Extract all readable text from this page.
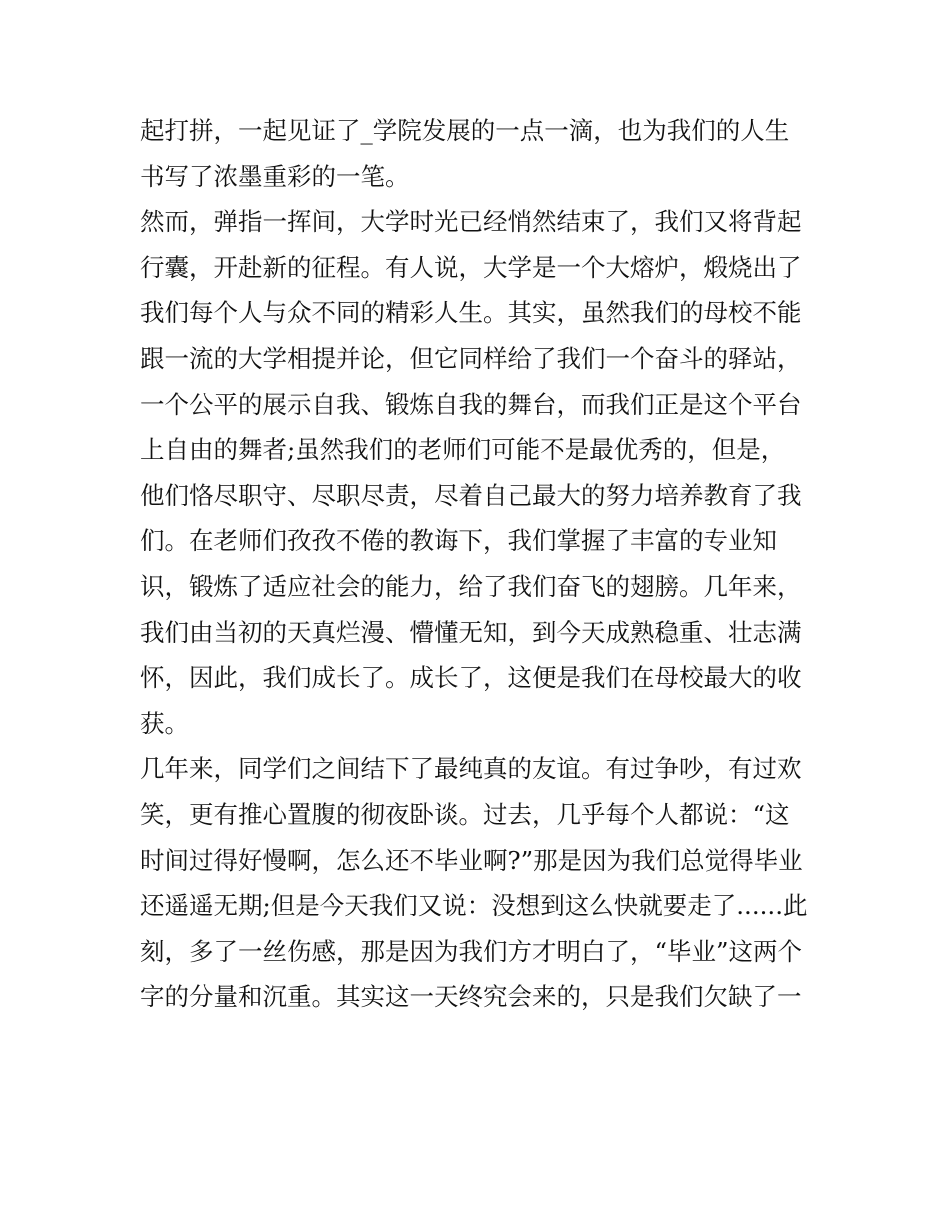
起打拼，一起见证了_学院发展的一点一滴，也为我们的人生
书写了浓墨重彩的一笔。
然而，弹指一挥间，大学时光已经悄然结束了，我们又将背起
行囊，开赴新的征程。有人说，大学是一个大熔炉，煅烧出了
我们每个人与众不同的精彩人生。其实，虽然我们的母校不能
跟一流的大学相提并论，但它同样给了我们一个奋斗的驿站，
一个公平的展示自我、锻炼自我的舞台，而我们正是这个平台
上自由的舞者;虽然我们的老师们可能不是最优秀的，但是，
他们恪尽职守、尽职尽责，尽着自己最大的努力培养教育了我
们。在老师们孜孜不倦的教诲下，我们掌握了丰富的专业知
识，锻炼了适应社会的能力，给了我们奋飞的翅膀。几年来，
我们由当初的天真烂漫、懵懂无知，到今天成熟稳重、壮志满
怀，因此，我们成长了。成长了，这便是我们在母校最大的收
获。
几年来，同学们之间结下了最纯真的友谊。有过争吵，有过欢
笑，更有推心置腹的彻夜卧谈。过去，几乎每个人都说：“这
时间过得好慢啊，怎么还不毕业啊?”那是因为我们总觉得毕业
还遥遥无期;但是今天我们又说：没想到这么快就要走了......此
刻，多了一丝伤感，那是因为我们方才明白了，“毕业”这两个
字的分量和沉重。其实这一天终究会来的，只是我们欠缺了一
